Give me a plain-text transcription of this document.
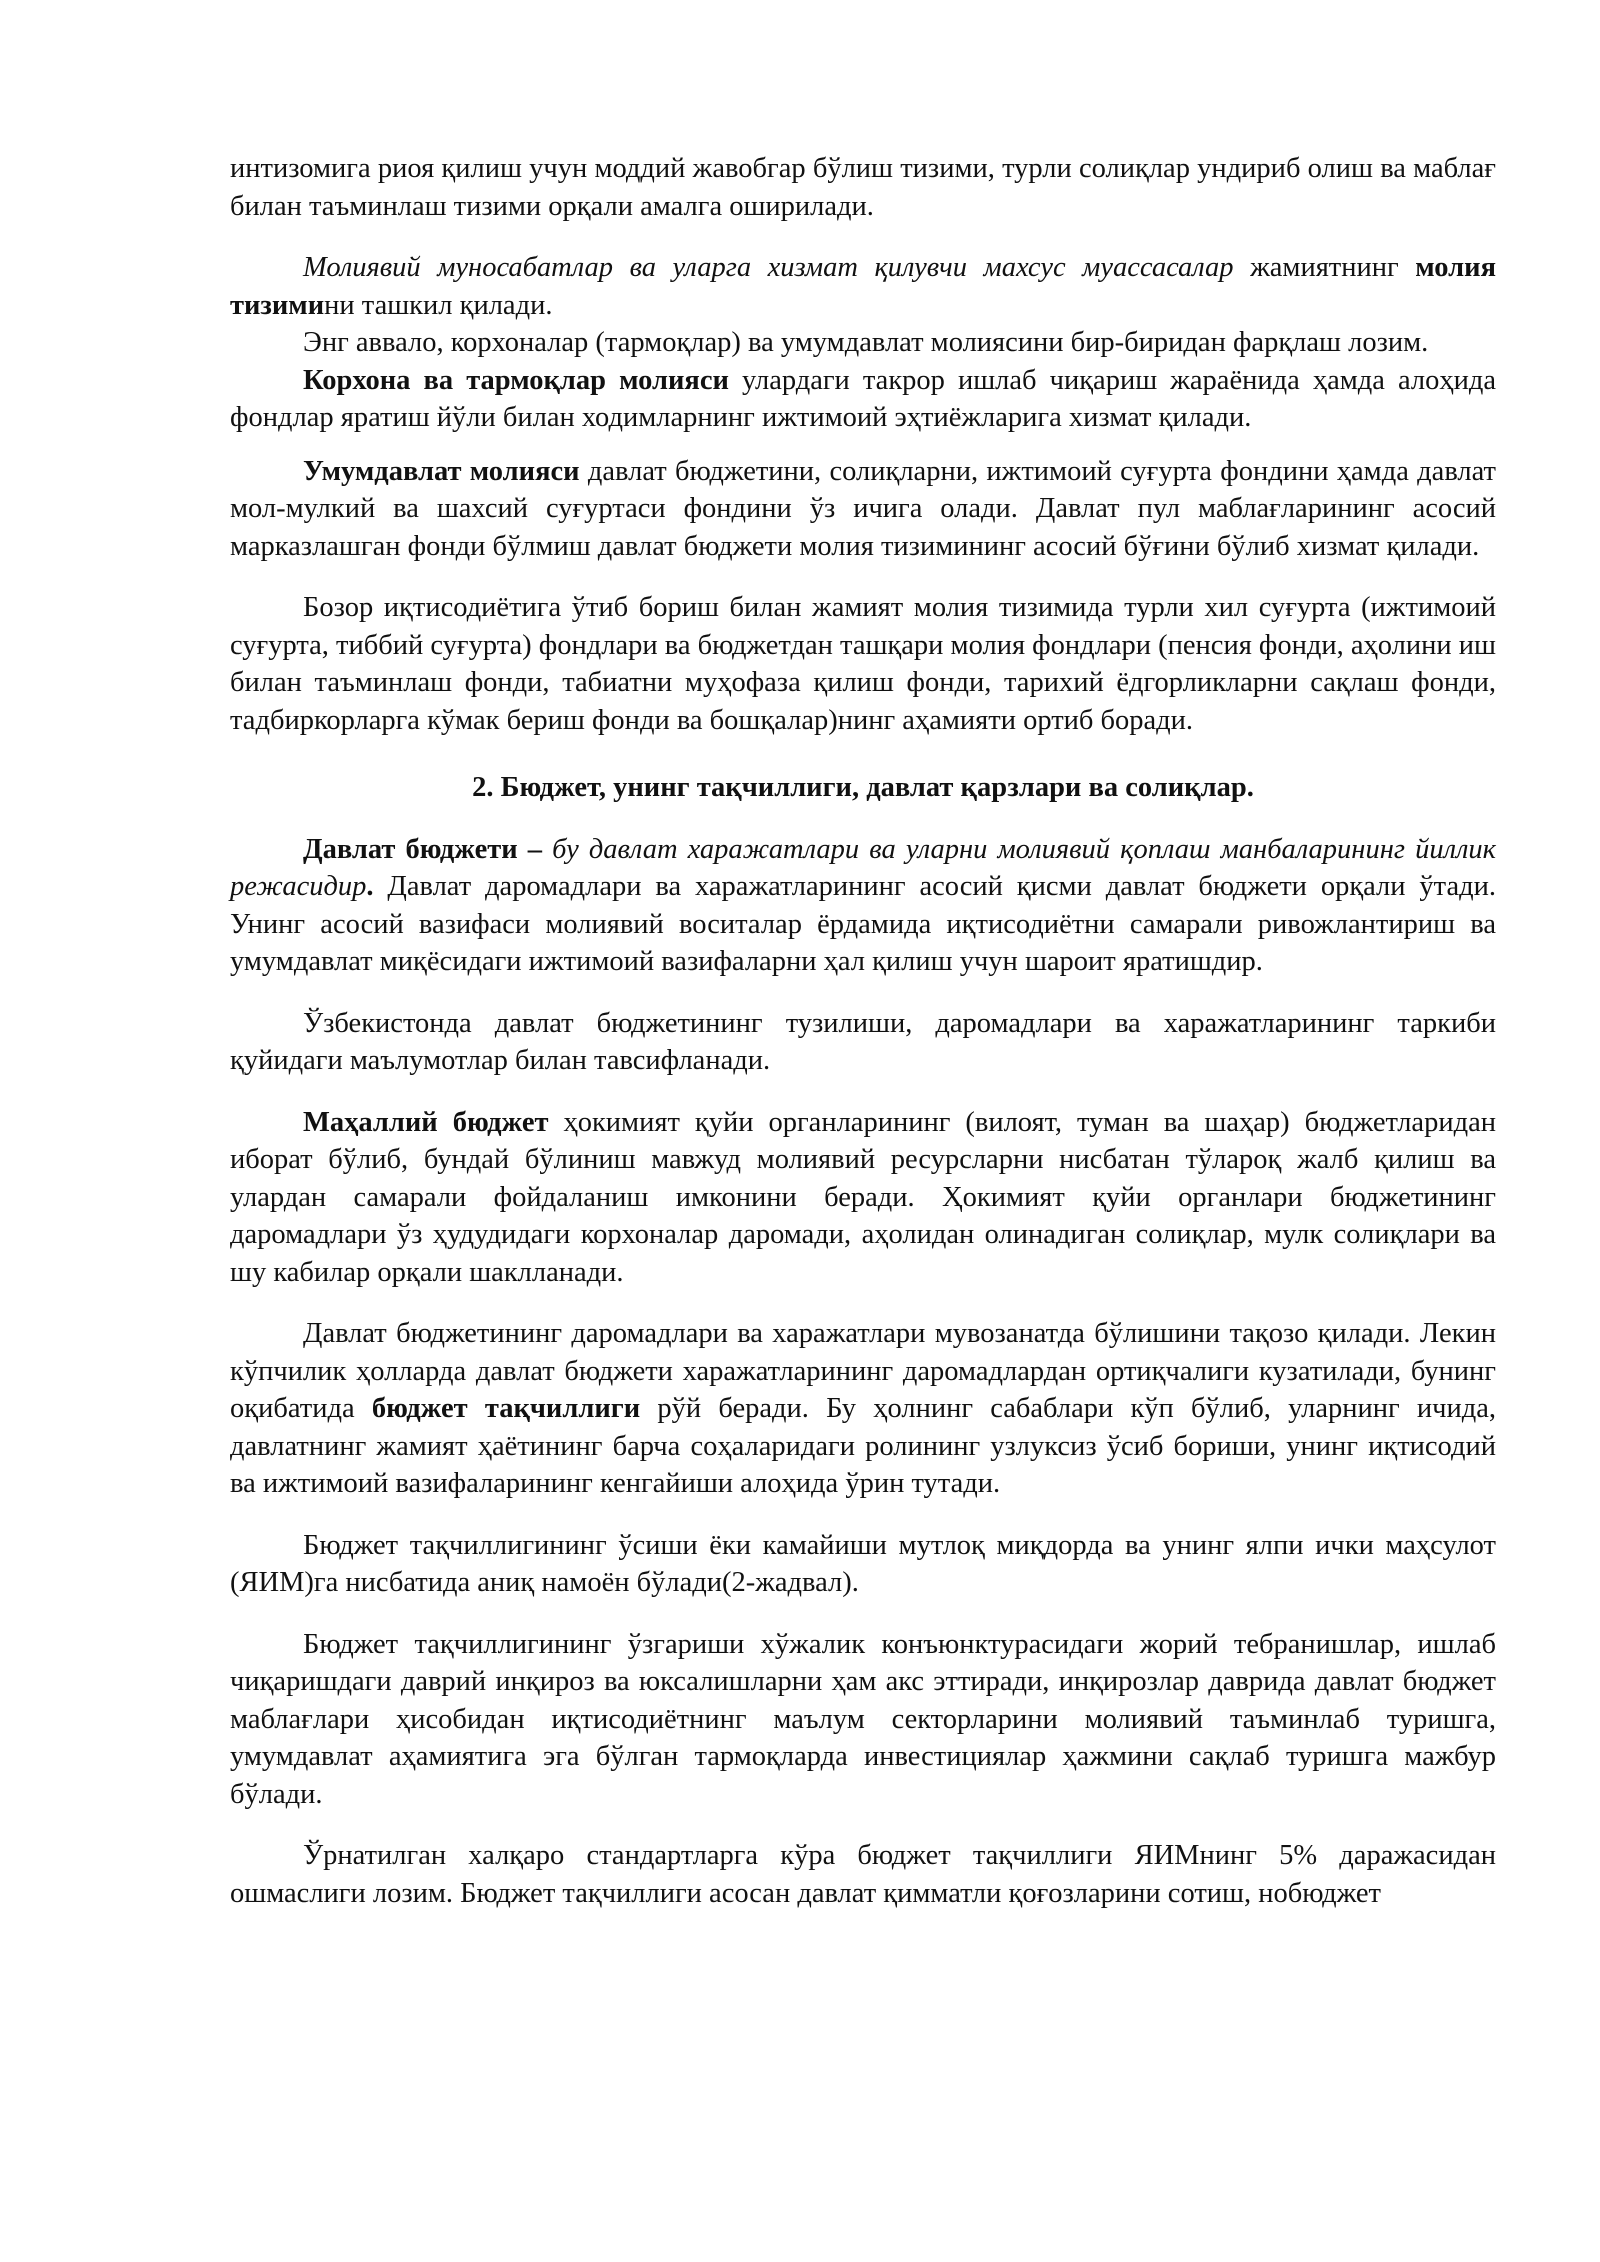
интизомига риоя қилиш учун моддий жавобгар бўлиш тизими, турли солиқлар ундириб олиш ва маблағ билан таъминлаш тизими орқали амалга оширилади.

Молиявий муносабатлар ва уларга хизмат қилувчи махсус муассасалар жамиятнинг молия тизимини ташкил қилади.

Энг аввало, корхоналар (тармоқлар) ва умумдавлат молиясини бир-биридан фарқлаш лозим.

Корхона ва тармоқлар молияси улардаги такрор ишлаб чиқариш жараёнида ҳамда алоҳида фондлар яратиш йўли билан ходимларнинг ижтимоий эҳтиёжларига хизмат қилади.

Умумдавлат молияси давлат бюджетини, солиқларни, ижтимоий суғурта фондини ҳамда давлат мол-мулкий ва шахсий суғуртаси фондини ўз ичига олади. Давлат пул маблағларининг асосий марказлашган фонди бўлмиш давлат бюджети молия тизимининг асосий бўғини бўлиб хизмат қилади.

Бозор иқтисодиётига ўтиб бориш билан жамият молия тизимида турли хил суғурта (ижтимоий суғурта, тиббий суғурта) фондлари ва бюджетдан ташқари молия фондлари (пенсия фонди, аҳолини иш билан таъминлаш фонди, табиатни муҳофаза қилиш фонди, тарихий ёдгорликларни сақлаш фонди, тадбиркорларга кўмак бериш фонди ва бошқалар)нинг аҳамияти ортиб боради.

2. Бюджет, унинг тақчиллиги, давлат қарзлари ва солиқлар.

Давлат бюджети – бу давлат харажатлари ва уларни молиявий қоплаш манбаларининг йиллик режасидир. Давлат даромадлари ва харажатларининг асосий қисми давлат бюджети орқали ўтади. Унинг асосий вазифаси молиявий воситалар ёрдамида иқтисодиётни самарали ривожлантириш ва умумдавлат миқёсидаги ижтимоий вазифаларни ҳал қилиш учун шароит яратишдир.

Ўзбекистонда давлат бюджетининг тузилиши, даромадлари ва харажатларининг таркиби қуйидаги маълумотлар билан тавсифланади.

Маҳаллий бюджет ҳокимият қуйи органларининг (вилоят, туман ва шаҳар) бюджетларидан иборат бўлиб, бундай бўлиниш мавжуд молиявий ресурсларни нисбатан тўлароқ жалб қилиш ва улардан самарали фойдаланиш имконини беради. Ҳокимият қуйи органлари бюджетининг даромадлари ўз ҳудудидаги корхоналар даромади, аҳолидан олинадиган солиқлар, мулк солиқлари ва шу кабилар орқали шаклланади.

Давлат бюджетининг даромадлари ва харажатлари мувозанатда бўлишини тақозо қилади. Лекин кўпчилик ҳолларда давлат бюджети харажатларининг даромадлардан ортиқчалиги кузатилади, бунинг оқибатида бюджет тақчиллиги рўй беради. Бу ҳолнинг сабаблари кўп бўлиб, уларнинг ичида, давлатнинг жамият ҳаётининг барча соҳаларидаги ролининг узлуксиз ўсиб бориши, унинг иқтисодий ва ижтимоий вазифаларининг кенгайиши алоҳида ўрин тутади.

Бюджет тақчиллигининг ўсиши ёки камайиши мутлоқ миқдорда ва унинг ялпи ички маҳсулот (ЯИМ)га нисбатида аниқ намоён бўлади(2-жадвал).

Бюджет тақчиллигининг ўзгариши хўжалик конъюнктурасидаги жорий тебранишлар, ишлаб чиқаришдаги даврий инқироз ва юксалишларни ҳам акс эттиради, инқирозлар даврида давлат бюджет маблағлари ҳисобидан иқтисодиётнинг маълум секторларини молиявий таъминлаб туришга, умумдавлат аҳамиятига эга бўлган тармоқларда инвестициялар ҳажмини сақлаб туришга мажбур бўлади.

Ўрнатилган халқаро стандартларга кўра бюджет тақчиллиги ЯИМнинг 5% даражасидан ошмаслиги лозим. Бюджет тақчиллиги асосан давлат қимматли қоғозларини сотиш, нобюджет
